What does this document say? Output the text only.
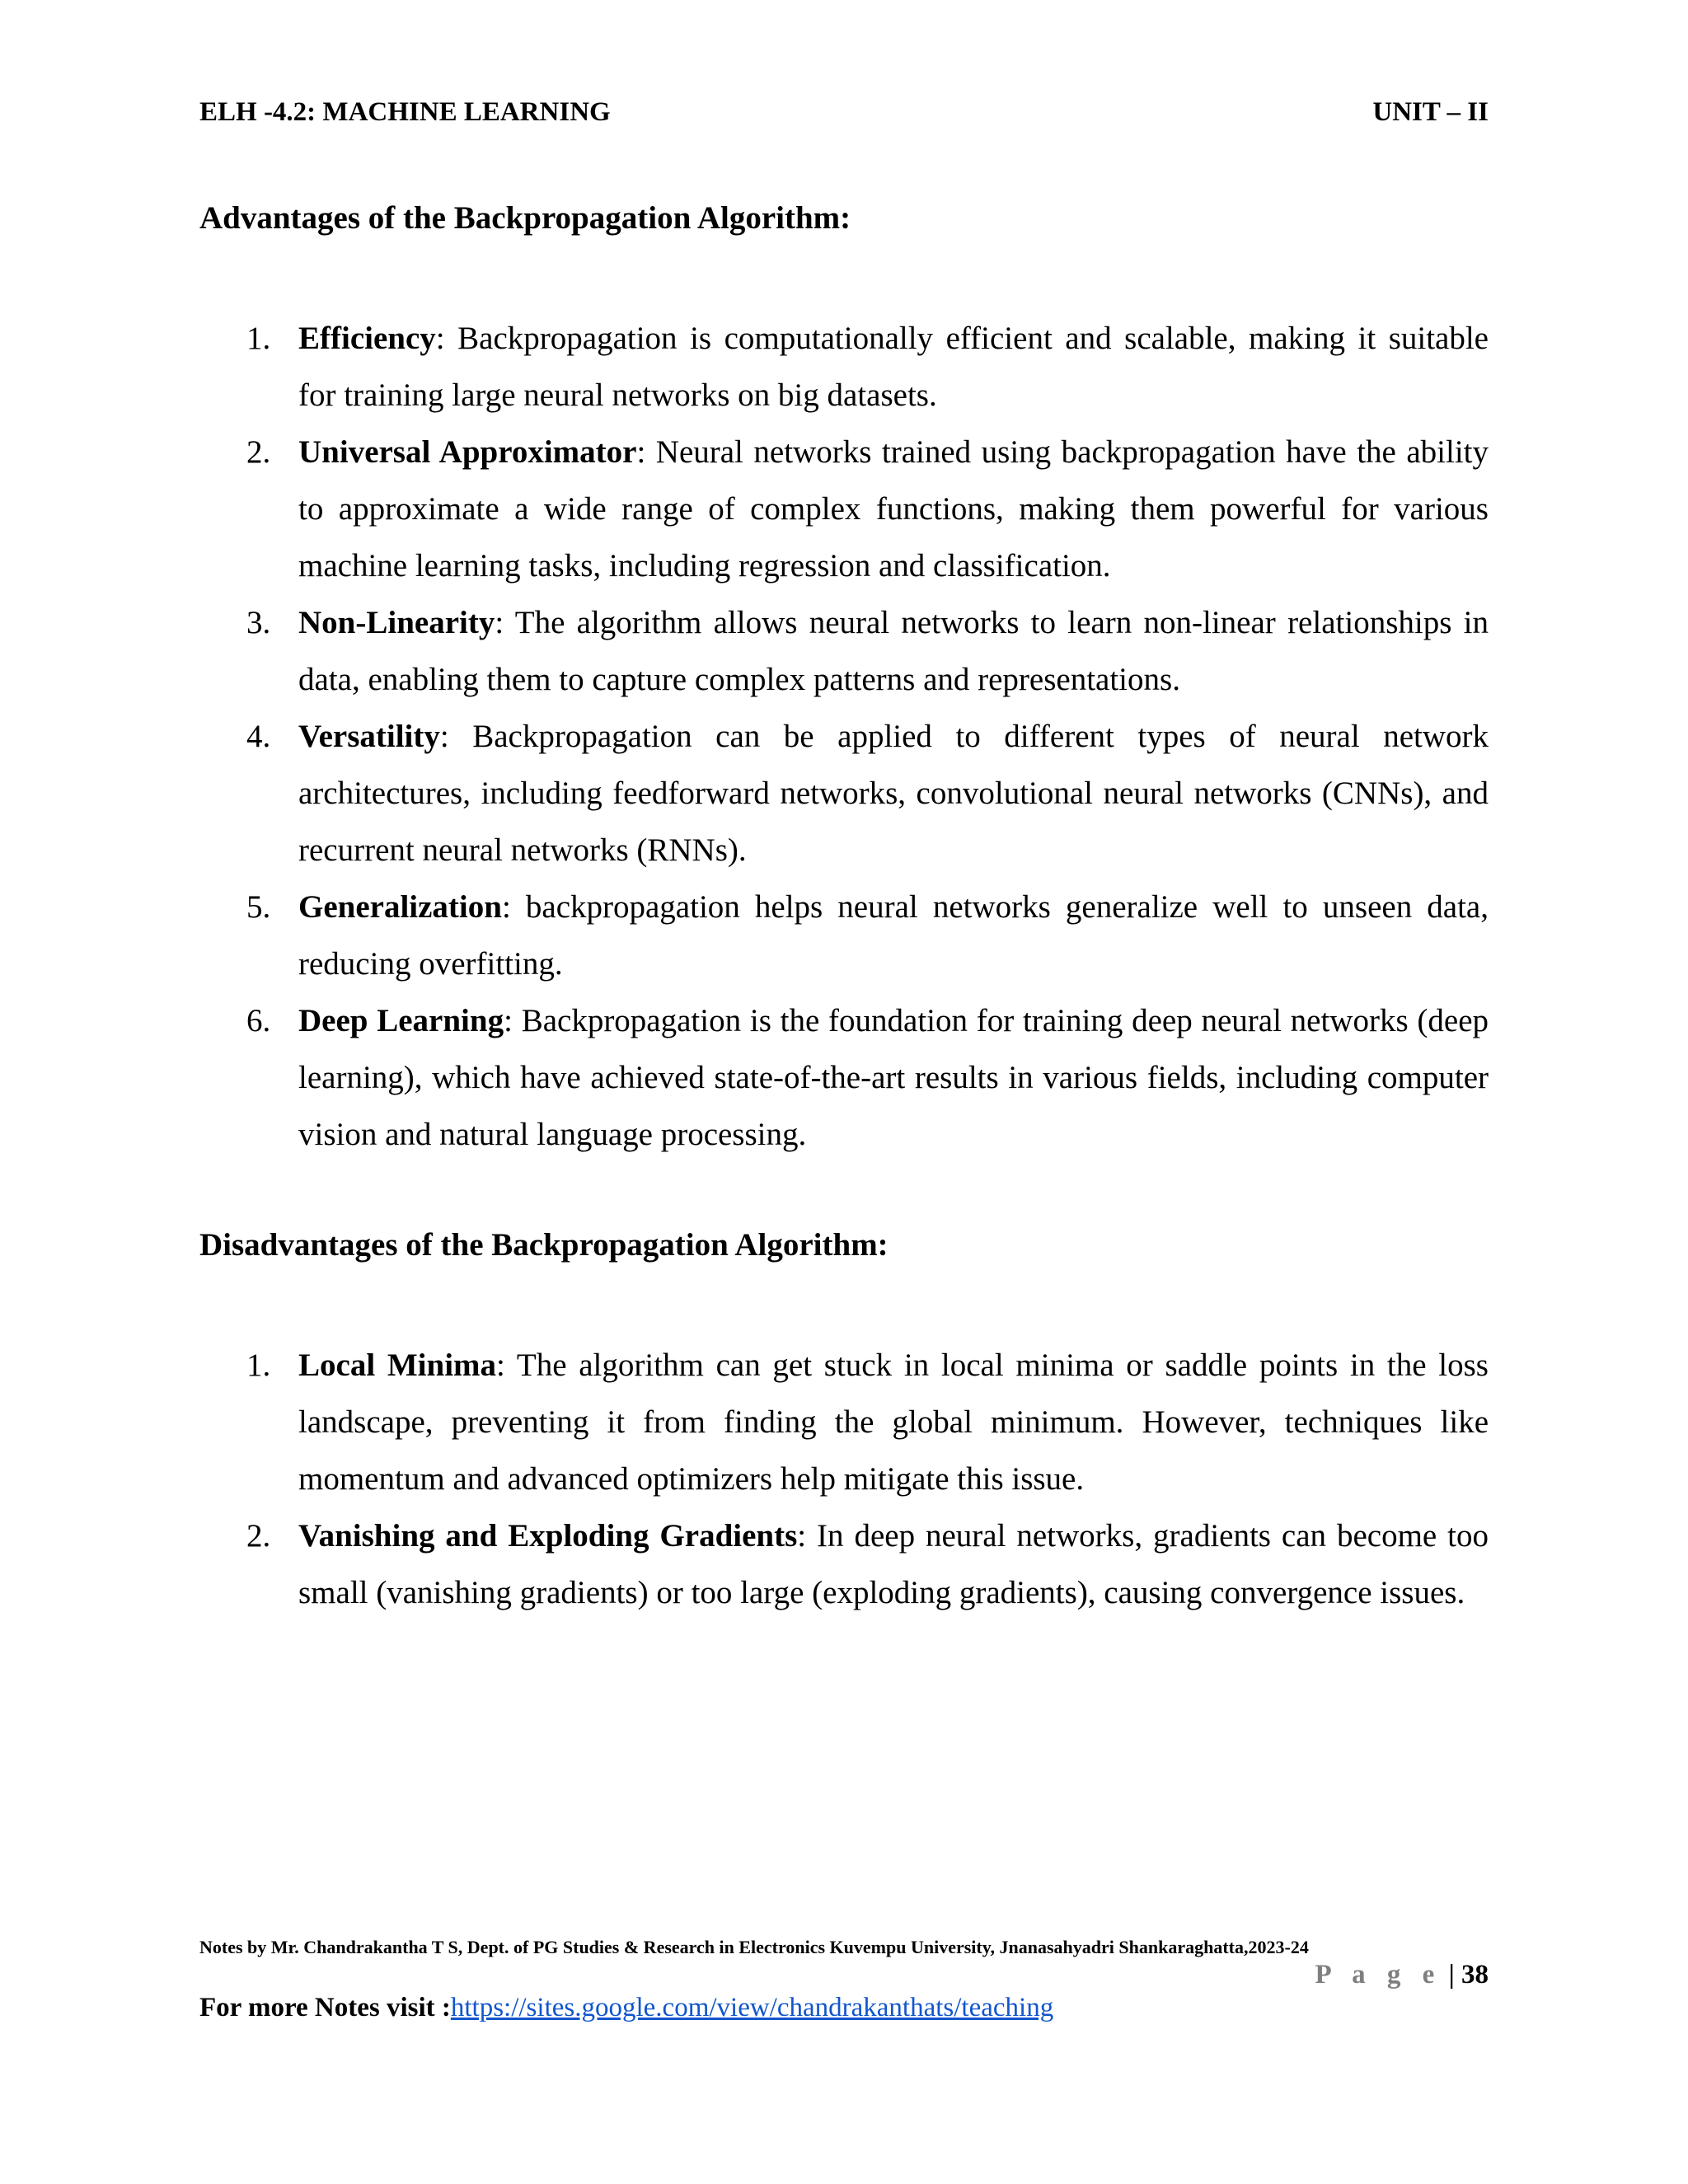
ELH -4.2: MACHINE LEARNING	UNIT – II
Advantages of the Backpropagation Algorithm:
1. Efficiency: Backpropagation is computationally efficient and scalable, making it suitable for training large neural networks on big datasets.
2. Universal Approximator: Neural networks trained using backpropagation have the ability to approximate a wide range of complex functions, making them powerful for various machine learning tasks, including regression and classification.
3. Non-Linearity: The algorithm allows neural networks to learn non-linear relationships in data, enabling them to capture complex patterns and representations.
4. Versatility: Backpropagation can be applied to different types of neural network architectures, including feedforward networks, convolutional neural networks (CNNs), and recurrent neural networks (RNNs).
5. Generalization: backpropagation helps neural networks generalize well to unseen data, reducing overfitting.
6. Deep Learning: Backpropagation is the foundation for training deep neural networks (deep learning), which have achieved state-of-the-art results in various fields, including computer vision and natural language processing.
Disadvantages of the Backpropagation Algorithm:
1. Local Minima: The algorithm can get stuck in local minima or saddle points in the loss landscape, preventing it from finding the global minimum. However, techniques like momentum and advanced optimizers help mitigate this issue.
2. Vanishing and Exploding Gradients: In deep neural networks, gradients can become too small (vanishing gradients) or too large (exploding gradients), causing convergence issues.
Notes by Mr. Chandrakantha T S, Dept. of PG Studies & Research in Electronics Kuvempu University, Jnanasahyadri Shankaraghatta,2023-24
P a g e | 38
For more Notes visit :https://sites.google.com/view/chandrakanthats/teaching
